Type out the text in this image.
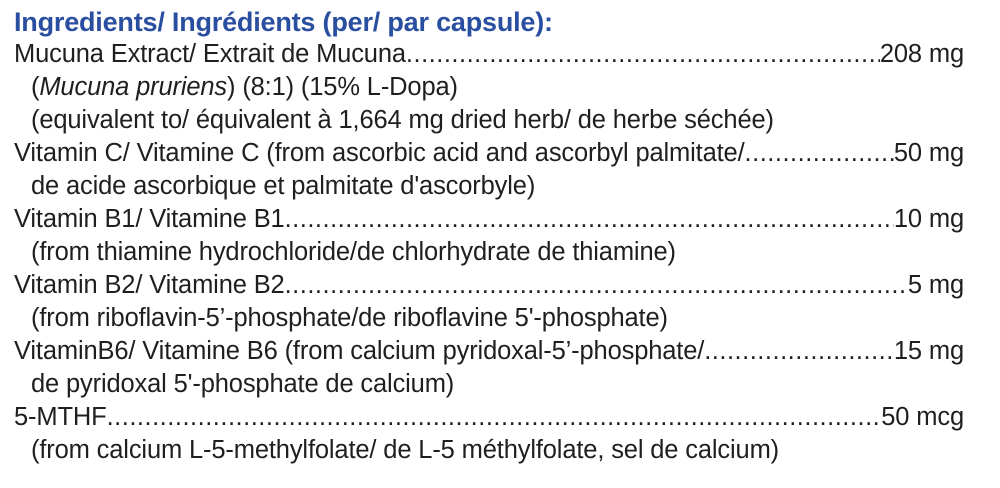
Ingredients/ Ingrédients (per/ par capsule):
Mucuna Extract/ Extrait de Mucuna .....	208 mg
(Mucuna pruriens) (8:1) (15% L-Dopa)
(equivalent to/ équivalent à 1,664 mg dried herb/ de herbe séchée)
Vitamin C/ Vitamine C (from ascorbic acid and ascorbyl palmitate/ .....	50 mg
de acide ascorbique et palmitate d'ascorbyle)
Vitamin B1/ Vitamine B1 .....	10 mg
(from thiamine hydrochloride/de chlorhydrate de thiamine)
Vitamin B2/ Vitamine B2 .....	5 mg
(from riboflavin-5’-phosphate/de riboflavine 5'-phosphate)
VitaminB6/ Vitamine B6 (from calcium pyridoxal-5’-phosphate/ .....	15 mg
de pyridoxal 5'-phosphate de calcium)
5-MTHF .....	50 mcg
(from calcium L-5-methylfolate/ de L-5 méthylfolate, sel de calcium)
